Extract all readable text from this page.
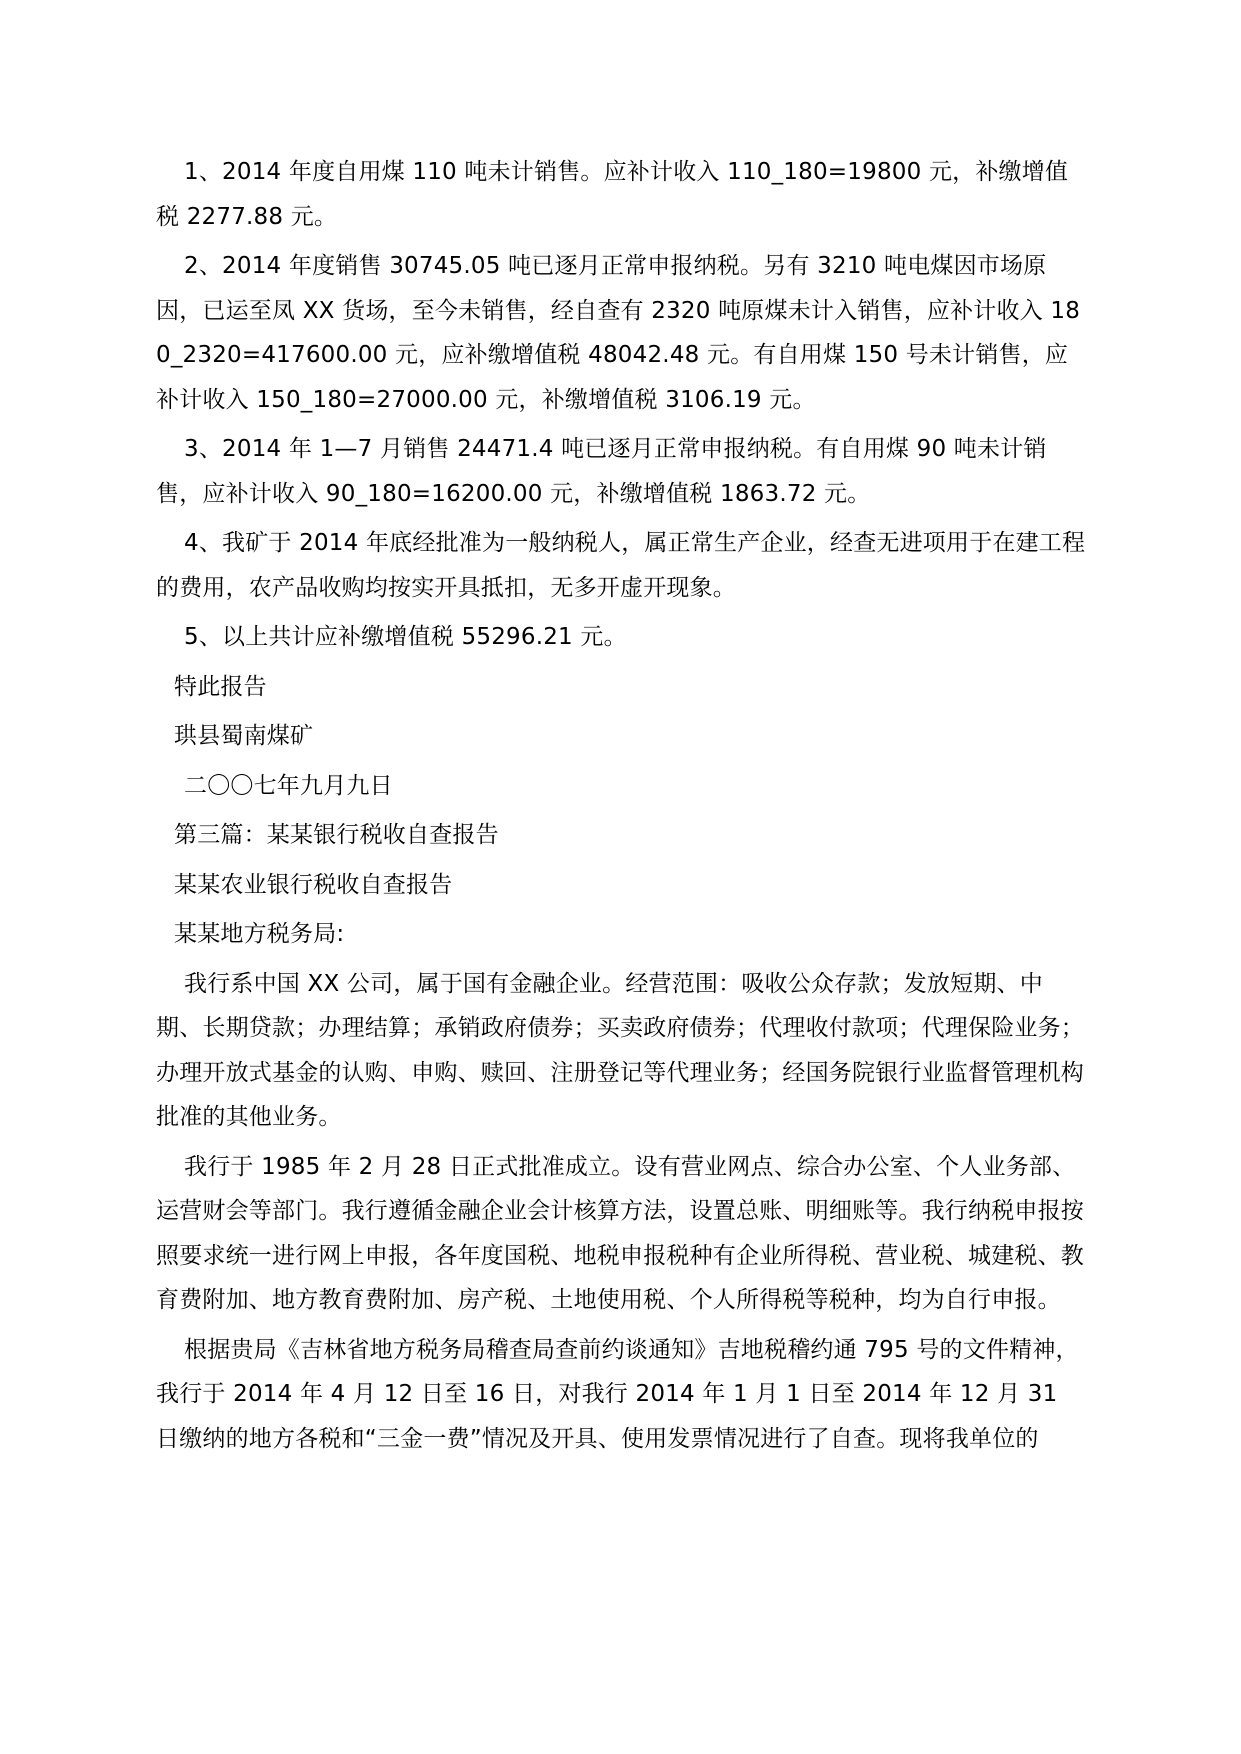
1、2014 年度自用煤 110 吨未计销售。应补计收入 110_180=19800 元，补缴增值税 2277.88 元。

2、2014 年度销售 30745.05 吨已逐月正常申报纳税。另有 3210 吨电煤因市场原因，已运至凤 XX 货场，至今未销售，经自查有 2320 吨原煤未计入销售，应补计收入 180_2320=417600.00 元，应补缴增值税 48042.48 元。有自用煤 150 号未计销售，应补计收入 150_180=27000.00 元，补缴增值税 3106.19 元。

3、2014 年 1—7 月销售 24471.4 吨已逐月正常申报纳税。有自用煤 90 吨未计销售，应补计收入 90_180=16200.00 元，补缴增值税 1863.72 元。

4、我矿于 2014 年底经批准为一般纳税人，属正常生产企业，经查无进项用于在建工程的费用，农产品收购均按实开具抵扣，无多开虚开现象。

5、以上共计应补缴增值税 55296.21 元。

特此报告

珙县蜀南煤矿

二〇〇七年九月九日

第三篇：某某银行税收自查报告

某某农业银行税收自查报告

某某地方税务局:

我行系中国 XX 公司，属于国有金融企业。经营范围：吸收公众存款；发放短期、中期、长期贷款；办理结算；承销政府债券；买卖政府债券；代理收付款项；代理保险业务；办理开放式基金的认购、申购、赎回、注册登记等代理业务；经国务院银行业监督管理机构批准的其他业务。

我行于 1985 年 2 月 28 日正式批准成立。设有营业网点、综合办公室、个人业务部、运营财会等部门。我行遵循金融企业会计核算方法，设置总账、明细账等。我行纳税申报按照要求统一进行网上申报，各年度国税、地税申报税种有企业所得税、营业税、城建税、教育费附加、地方教育费附加、房产税、土地使用税、个人所得税等税种，均为自行申报。

根据贵局《吉林省地方税务局稽查局查前约谈通知》吉地税稽约通 795 号的文件精神，我行于 2014 年 4 月 12 日至 16 日，对我行 2014 年 1 月 1 日至 2014 年 12 月 31 日缴纳的地方各税和“三金一费”情况及开具、使用发票情况进行了自查。现将我单位的
